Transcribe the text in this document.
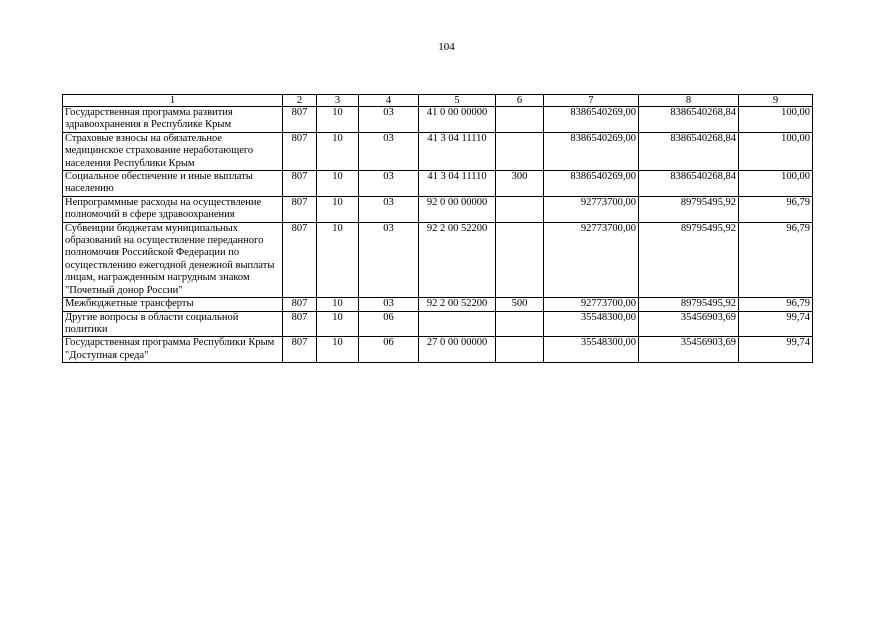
104
1	2	3	4	5	6	7	8	9
Государственная программа развития здравоохранения в Республике Крым	807	10	03	41 0 00 00000		8386540269,00	8386540268,84	100,00
Страховые взносы на обязательное медицинское страхование неработающего населения Республики Крым	807	10	03	41 3 04 11110		8386540269,00	8386540268,84	100,00
Социальное обеспечение и иные выплаты населению	807	10	03	41 3 04 11110	300	8386540269,00	8386540268,84	100,00
Непрограммные расходы на осуществление полномочий в сфере здравоохранения	807	10	03	92 0 00 00000		92773700,00	89795495,92	96,79
Субвенции бюджетам муниципальных образований на осуществление переданного полномочия Российской Федерации по осуществлению ежегодной денежной выплаты лицам, награжденным нагрудным знаком "Почетный донор России"	807	10	03	92 2 00 52200		92773700,00	89795495,92	96,79
Межбюджетные трансферты	807	10	03	92 2 00 52200	500	92773700,00	89795495,92	96,79
Другие вопросы в области социальной политики	807	10	06			35548300,00	35456903,69	99,74
Государственная программа Республики Крым "Доступная среда"	807	10	06	27 0 00 00000		35548300,00	35456903,69	99,74
